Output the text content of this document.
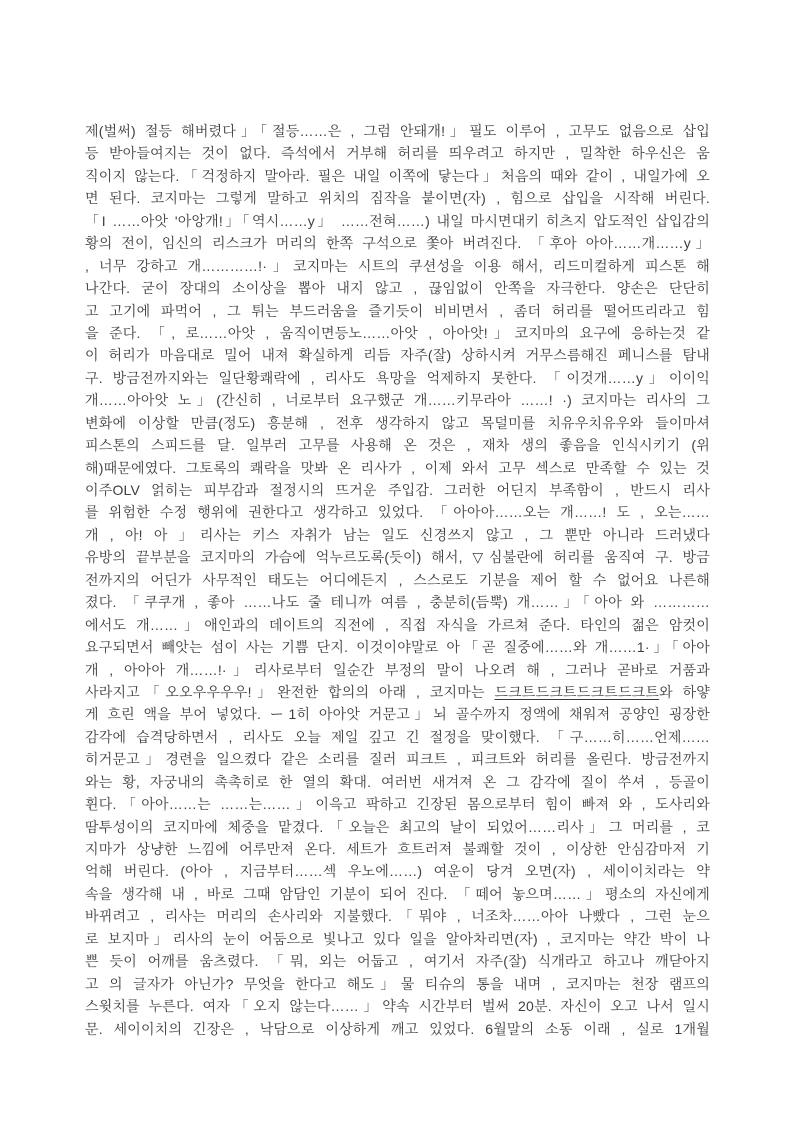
제(벌써) 절등 해버렸다」「절등……은 , 그럼 안돼개!」필도 이루어 , 고무도 없음으로 삽입
등 받아들여지는 것이 없다. 즉석에서 거부해 허리를 띄우려고 하지만 , 밀착한 하우신은 움
직이지 않는다.「걱정하지 말아라. 필은 내일 이쪽에 닿는다」처음의 때와 같이 , 내일가에 오
면 된다. 코지마는 그렇게 말하고 위치의 짐작을 붙이면(자) , 힘으로 삽입을 시작해 버린다.
「I ……아앗 '아앙개!」「역시……y」 ……전혀……) 내일 마시면대키 히츠지 압도적인 삽입감의
황의 전이, 임신의 리스크가 머리의 한쪽 구석으로 쫓아 버려진다. 「후아 아아……개……y」
, 너무 강하고 개…………!·」코지마는 시트의 쿠션성을 이용 해서, 리드미컬하게 피스톤 해
나간다. 굳이 장대의 소이상을 뽑아 내지 않고 , 끊임없이 안쪽을 자극한다. 양손은 단단히
고 고기에 파먹어 , 그 튀는 부드러움을 즐기듯이 비비면서 , 좀더 허리를 떨어뜨리라고 힘
을 준다. 「, 로……아앗 , 움직이면등노……아앗 , 아아앗!」코지마의 요구에 응하는것 같
이 허리가 마음대로 밀어 내져 확실하게 리듬 자주(잘) 상하시켜 거무스름해진 페니스를 탐내
구. 방금전까지와는 일단황쾌락에 , 리사도 욕망을 억제하지 못한다. 「이것개……y」이이익
개……아아앗 노」(간신히 , 너로부터 요구했군 개……키무라아 ……! ·) 코지마는 리사의 그
변화에 이상할 만큼(정도) 흥분해 , 전후 생각하지 않고 목덜미를 치유우치유우와 들이마셔
피스톤의 스피드를 달. 일부러 고무를 사용해 온 것은 , 재차 생의 좋음을 인식시키기 (위
해)때문에였다. 그토록의 쾌락을 맛봐 온 리사가 , 이제 와서 고무 섹스로 만족할 수 있는 것
이주OLV 얽히는 피부감과 절정시의 뜨거운 주입감. 그러한 어딘지 부족함이 , 반드시 리사
를 위험한 수정 행위에 권한다고 생각하고 있었다. 「아아아……오는 개……! 도 , 오는……
개 , 아! 아 」리사는 키스 자취가 남는 일도 신경쓰지 않고 , 그 뿐만 아니라 드러냈다
유방의 끝부분을 코지마의 가슴에 억누르도록(듯이) 해서, ▽심불란에 허리를 움직여 구. 방금
전까지의 어딘가 사무적인 태도는 어디에든지 , 스스로도 기분을 제어 할 수 없어요 나른해
졌다. 「쿠쿠개 , 좋아 ……나도 줄 테니까 여름 , 충분히(듬뿍) 개……」「아아 와 …………
에서도 개……」애인과의 데이트의 직전에 , 직접 자식을 가르쳐 준다. 타인의 젊은 암컷이
요구되면서 빼앗는 섬이 사는 기쁨 단지. 이것이야말로 아「곧 질중에……와 개……1·」「아아
개 , 아아아 개……!·」리사로부터 일순간 부정의 말이 나오려 해 , 그러나 곧바로 거품과
사라지고「오오우우우우!」완전한 합의의 아래 , 코지마는 드크트드크트드크트드크트와 하얗
게 흐린 액을 부어 넣었다. ー1히 아아앗 거문고」뇌 골수까지 정액에 채워져 공양인 굉장한
감각에 습격당하면서 , 리사도 오늘 제일 깊고 긴 절정을 맞이했다. 「구……히……언제……
히거문고」경련을 일으켰다 같은 소리를 질러 피크트 , 피크트와 허리를 올린다. 방금전까지
와는 황, 자궁내의 촉촉히로 한 열의 확대. 여러번 새겨져 온 그 감각에 질이 쑤셔 , 등골이
휜다.「아아……는 ……는……」이윽고 팍하고 긴장된 몸으로부터 힘이 빠져 와 , 도사리와
땀투성이의 코지마에 체중을 맡겼다.「오늘은 최고의 날이 되었어……리사」그 머리를 , 코
지마가 상냥한 느낌에 어루만져 온다. 세트가 흐트러져 불쾌할 것이 , 이상한 안심감마저 기
억해 버린다. (아아 , 지금부터……섹 우노에……) 여운이 당겨 오면(자) , 세이이치라는 약
속을 생각해 내 , 바로 그때 암담인 기분이 되어 진다. 「떼어 놓으며……」평소의 자신에게
바뀌려고 , 리사는 머리의 손사리와 지불했다.「뭐야 , 너조차……아아 나빴다 , 그런 눈으
로 보지마」리사의 눈이 어둠으로 빛나고 있다 일을 알아차리면(자) , 코지마는 약간 박이 나
쁜 듯이 어깨를 움츠렸다. 「뭐, 외는 어둡고 , 여기서 자주(잘) 식개라고 하고나 깨닫아지
고 의 글자가 아닌가? 무엇을 한다고 해도」물 티슈의 통을 내며 , 코지마는 천장 램프의
스윗치를 누른다. 여자「오지 않는다……」약속 시간부터 벌써 20분. 자신이 오고 나서 일시
문. 세이이치의 긴장은 , 낙담으로 이상하게 깨고 있었다. 6월말의 소동 이래 , 실로 1개월
